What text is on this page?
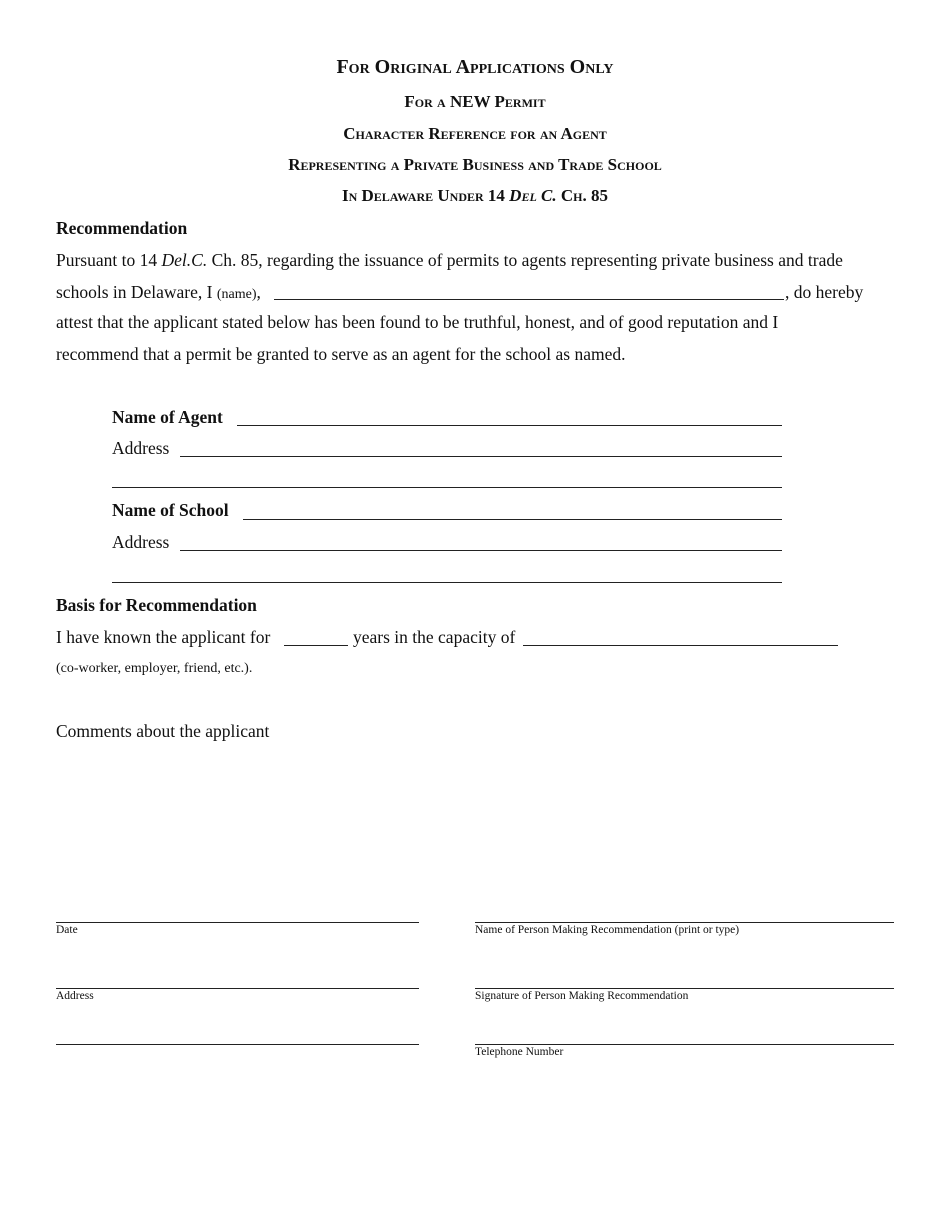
For Original Applications Only
For a NEW Permit
Character Reference for an Agent
Representing a Private Business and Trade School
In Delaware Under 14 Del C. Ch. 85
Recommendation
Pursuant to 14 Del.C. Ch. 85, regarding the issuance of permits to agents representing private business and trade
schools in Delaware, I (name),	, do hereby
attest that the applicant stated below has been found to be truthful, honest, and of good reputation and I
recommend that a permit be granted to serve as an agent for the school as named.
Name of Agent
Address
Name of School
Address
Basis for Recommendation
I have known the applicant for	years in the capacity of
(co-worker, employer, friend, etc.).
Comments about the applicant
Date
Address
Name of Person Making Recommendation (print or type)
Signature of Person Making Recommendation
Telephone Number
